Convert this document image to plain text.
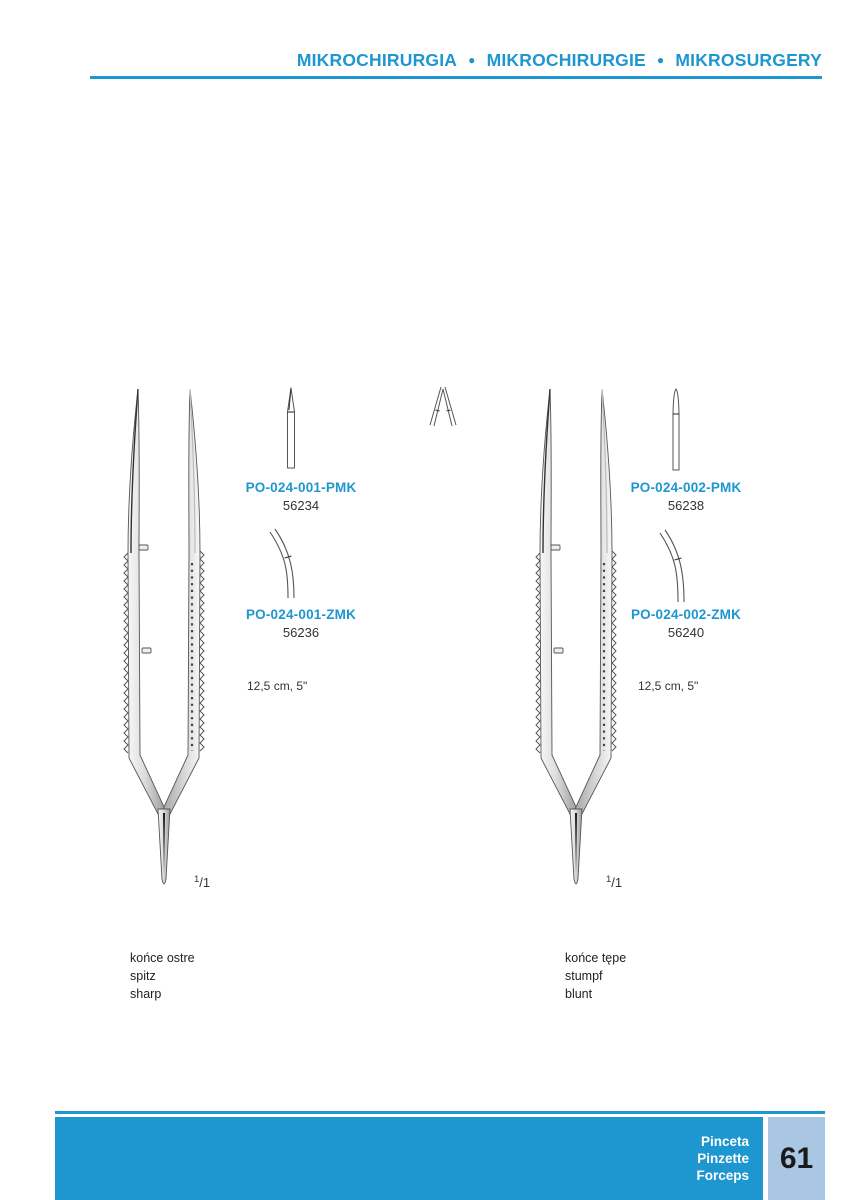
MIKROCHIRURGIA ● MIKROCHIRURGIE ● MIKROSURGERY
PO-024-001-PMK
56234
PO-024-001-ZMK
56236
12,5 cm, 5"
$^1$/1
końce ostre
spitz
sharp
PO-024-002-PMK
56238
PO-024-002-ZMK
56240
12,5 cm, 5"
$^1$/1
końce tępe
stumpf
blunt
Pinceta
Pinzette
Forceps
61
